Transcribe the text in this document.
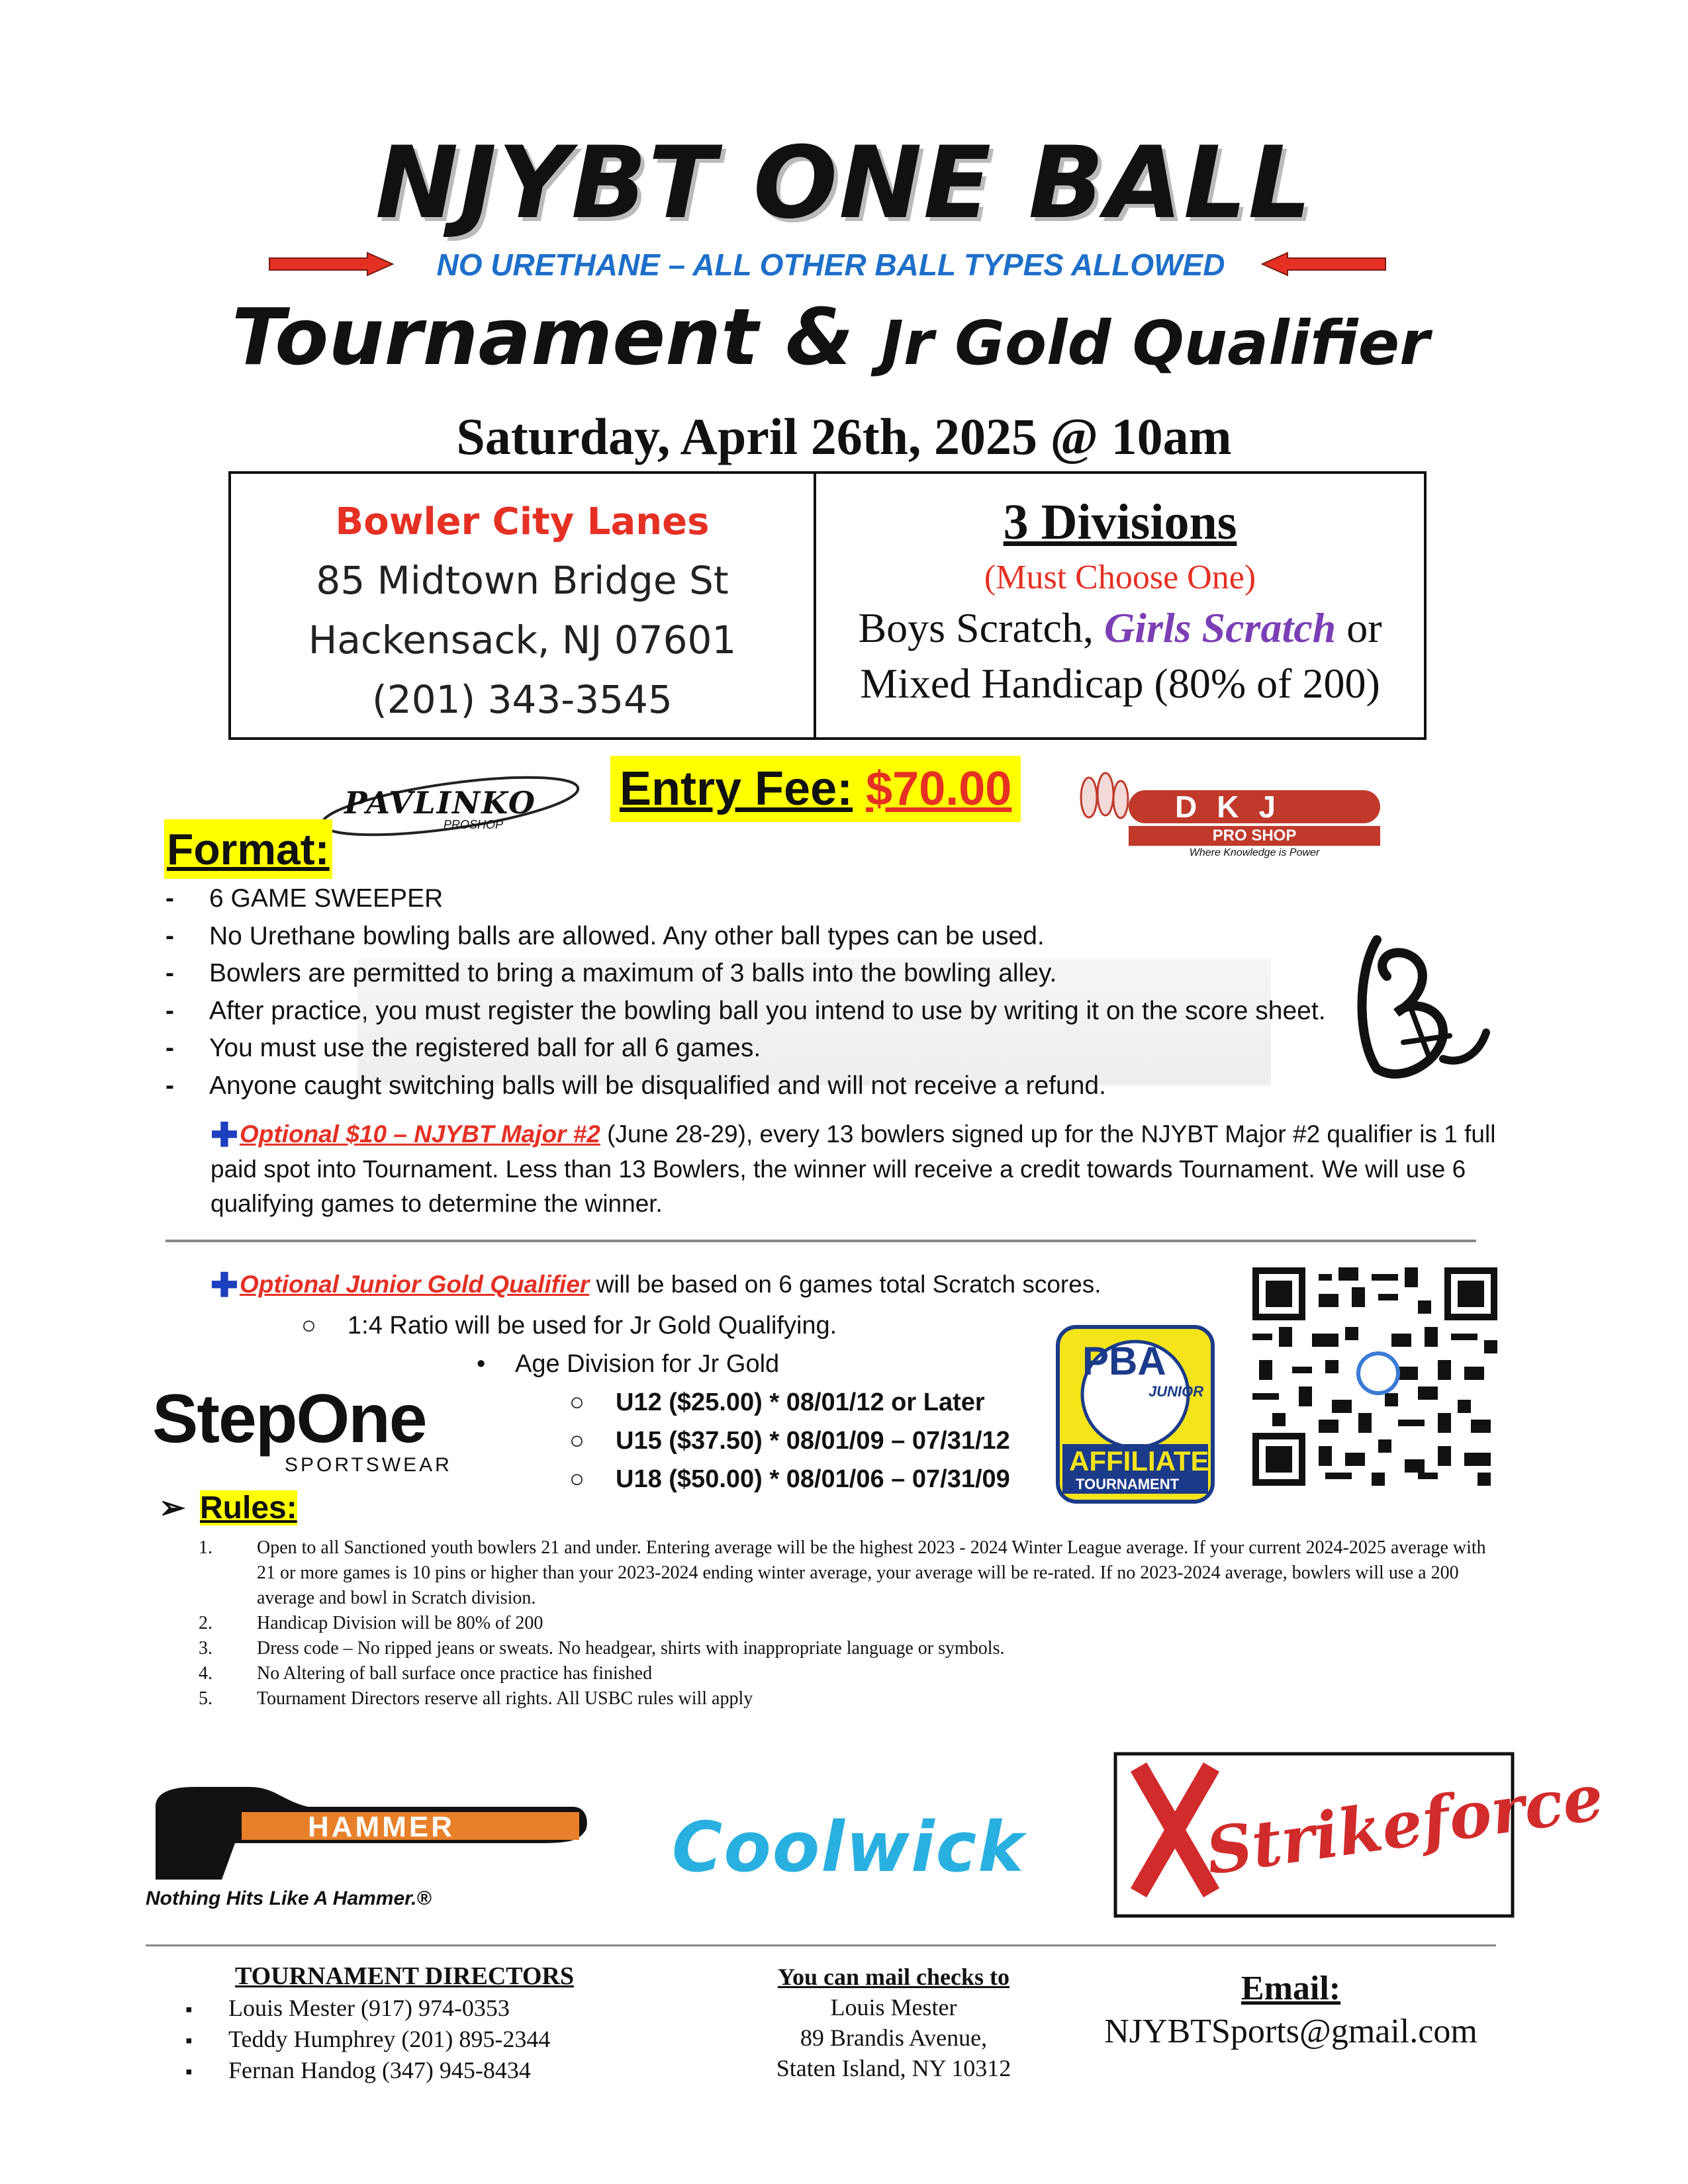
NJYBT ONE BALL
NO URETHANE – ALL OTHER BALL TYPES ALLOWED
Tournament & Jr Gold Qualifier
Saturday, April 26th, 2025 @ 10am
Bowler City Lanes
85 Midtown Bridge St
Hackensack, NJ 07601
(201) 343-3545
3 Divisions
(Must Choose One)
Boys Scratch, Girls Scratch or
Mixed Handicap (80% of 200)
PAVLINKO
PROSHOP
Entry Fee: $70.00	DKJ
PRO SHOP
Where Knowledge is Power
Format:
- 6 GAME SWEEPER
- No Urethane bowling balls are allowed. Any other ball types can be used.
- Bowlers are permitted to bring a maximum of 3 balls into the bowling alley.
- After practice, you must register the bowling ball you intend to use by writing it on the score sheet.
- You must use the registered ball for all 6 games.
- Anyone caught switching balls will be disqualified and will not receive a refund.
✚Optional $10 – NJYBT Major #2 (June 28-29), every 13 bowlers signed up for the NJYBT Major #2 qualifier is 1 full paid spot into Tournament. Less than 13 Bowlers, the winner will receive a credit towards Tournament. We will use 6 qualifying games to determine the winner.
✚Optional Junior Gold Qualifier will be based on 6 games total Scratch scores.
○ 1:4 Ratio will be used for Jr Gold Qualifying.
• Age Division for Jr Gold
○ U12 ($25.00) * 08/01/12 or Later
○ U15 ($37.50) * 08/01/09 – 07/31/12
○ U18 ($50.00) * 08/01/06 – 07/31/09
StepOne
SPORTSWEAR
PBA
JUNIOR
AFFILIATE
TOURNAMENT
➢ Rules:
1. Open to all Sanctioned youth bowlers 21 and under. Entering average will be the highest 2023 - 2024 Winter League average. If your current 2024-2025 average with 21 or more games is 10 pins or higher than your 2023-2024 ending winter average, your average will be re-rated. If no 2023-2024 average, bowlers will use a 200 average and bowl in Scratch division.
2. Handicap Division will be 80% of 200
3. Dress code – No ripped jeans or sweats. No headgear, shirts with inappropriate language or symbols.
4. No Altering of ball surface once practice has finished
5. Tournament Directors reserve all rights. All USBC rules will apply
HAMMER
Nothing Hits Like A Hammer.®
Coolwick	Strikeforce
TOURNAMENT DIRECTORS
▪ Louis Mester (917) 974-0353
▪ Teddy Humphrey (201) 895-2344
▪ Fernan Handog (347) 945-8434
You can mail checks to
Louis Mester
89 Brandis Avenue,
Staten Island, NY 10312
Email:
NJYBTSports@gmail.com
